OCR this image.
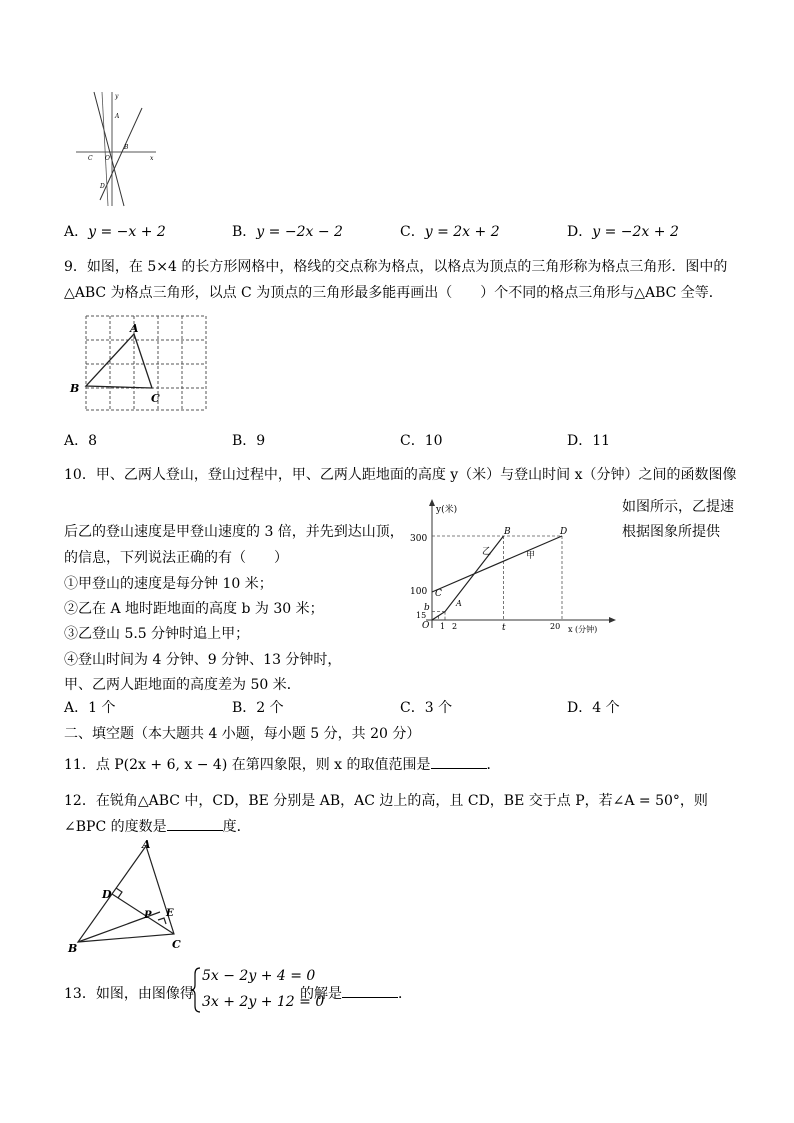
y
A
C O
B
x
D
A．y = −x + 2	B．y = −2x − 2	C．y = 2x + 2	D．y = −2x + 2
9．如图，在 5×4 的长方形网格中，格线的交点称为格点，以格点为顶点的三角形称为格点三角形．图中的
△ABC 为格点三角形，以点 C 为顶点的三角形最多能再画出（　　）个不同的格点三角形与△ABC 全等．
A
B
C
A．8	B．9	C．10	D．11
10．甲、乙两人登山，登山过程中，甲、乙两人距地面的高度 y（米）与登山时间 x（分钟）之间的函数图像
如图所示，乙提速
后乙的登山速度是甲登山速度的 3 倍，并先到达山顶，	根据图象所提供
的信息，下列说法正确的有（　　）
①甲登山的速度是每分钟 10 米；
②乙在 A 地时距地面的高度 b 为 30 米；
③乙登山 5.5 分钟时追上甲；
④登山时间为 4 分钟、9 分钟、13 分钟时，
甲、乙两人距地面的高度差为 50 米．
y(米)
x (分钟)
O
300
100
b
15
1 2	t	20
B	D
C
A
乙	甲
A．1 个	B．2 个	C．3 个	D．4 个
二、填空题（本大题共 4 小题，每小题 5 分，共 20 分）
11．点 P(2x + 6, x − 4) 在第四象限，则 x 的取值范围是	．
12．在锐角△ABC 中，CD，BE 分别是 AB，AC 边上的高，且 CD，BE 交于点 P，若∠A = 50°，则
∠BPC 的度数是	度．
A
D
P E
B	C
13．如图，由图像得
5x − 2y + 4 = 0
3x + 2y + 12 = 0
的解是	．
